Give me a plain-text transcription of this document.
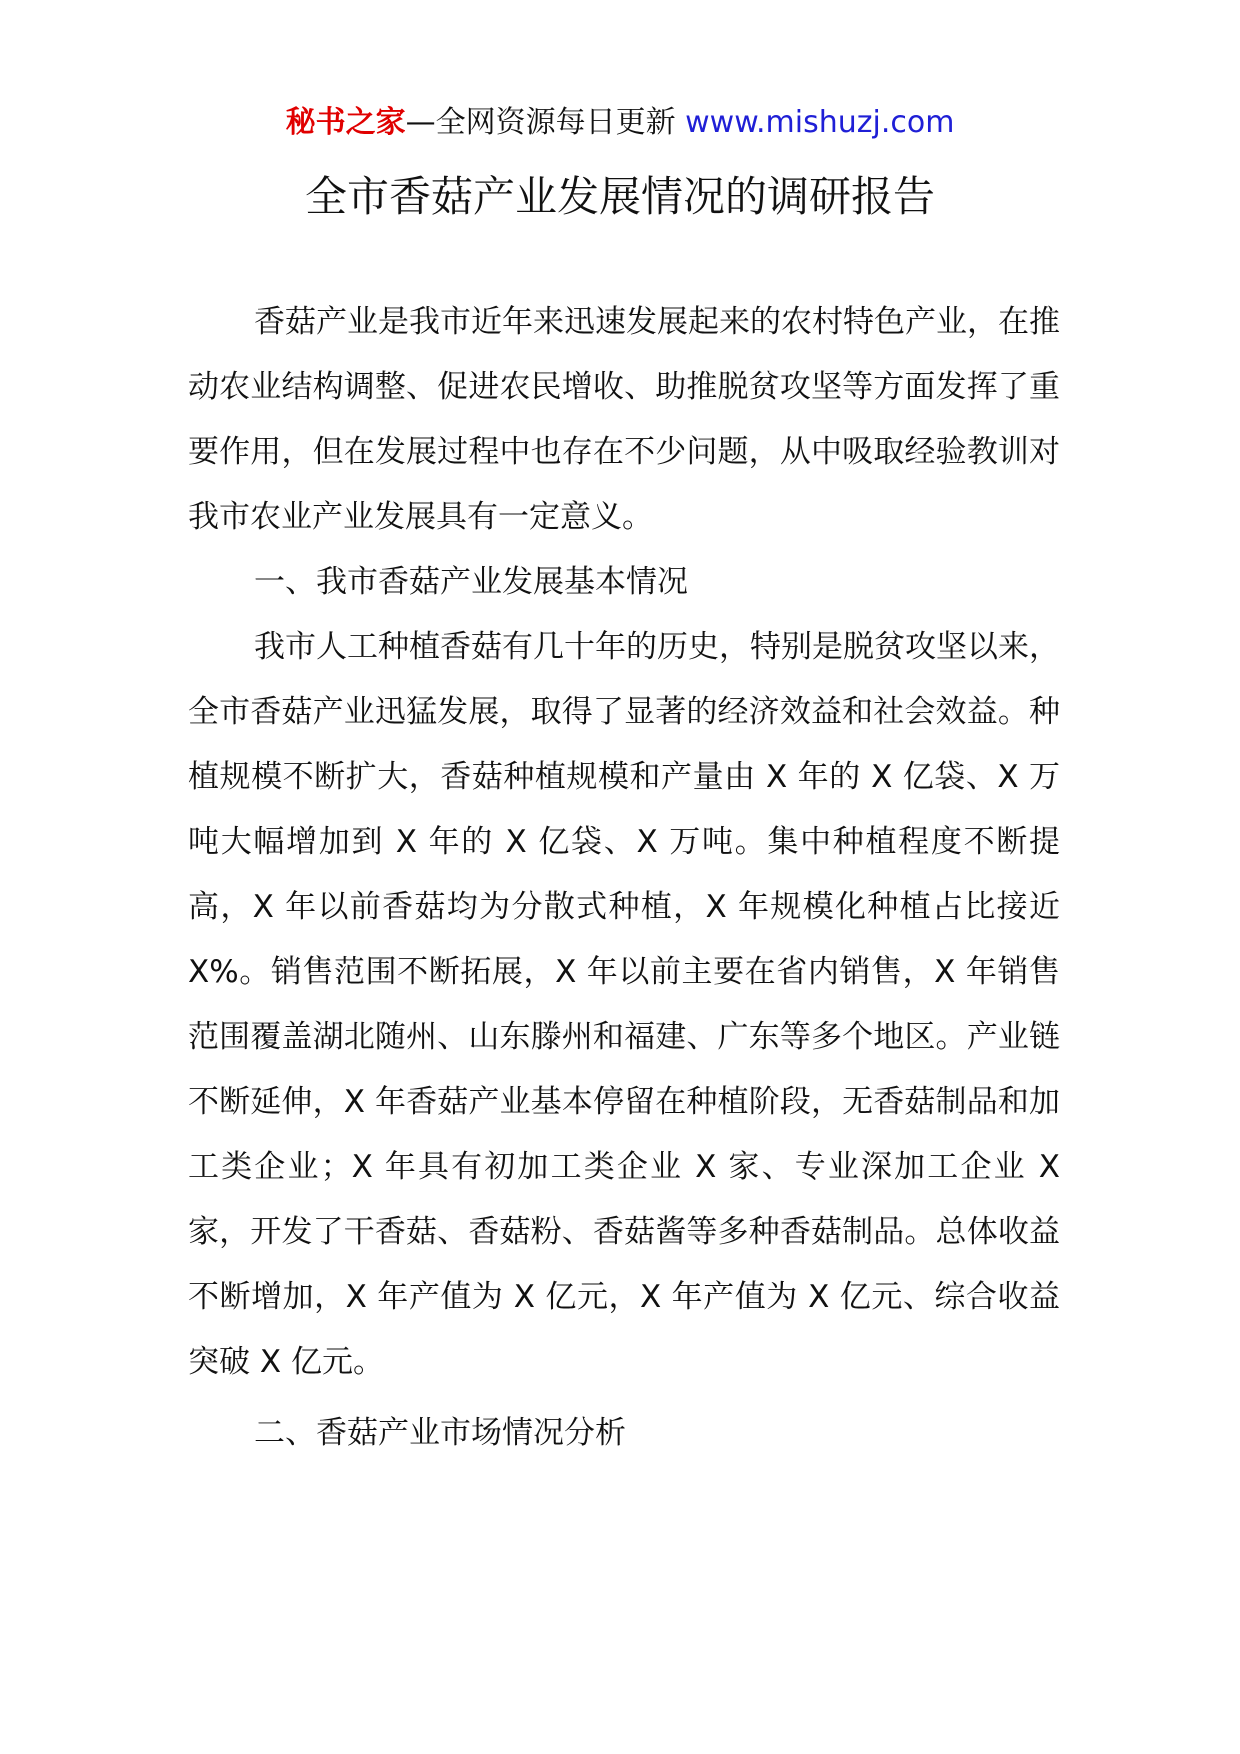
秘书之家—全网资源每日更新 www.mishuzj.com
全市香菇产业发展情况的调研报告

香菇产业是我市近年来迅速发展起来的农村特色产业，在推动农业结构调整、促进农民增收、助推脱贫攻坚等方面发挥了重要作用，但在发展过程中也存在不少问题，从中吸取经验教训对我市农业产业发展具有一定意义。

一、我市香菇产业发展基本情况

我市人工种植香菇有几十年的历史，特别是脱贫攻坚以来，全市香菇产业迅猛发展，取得了显著的经济效益和社会效益。种植规模不断扩大，香菇种植规模和产量由 X 年的 X 亿袋、X 万吨大幅增加到 X 年的 X 亿袋、X 万吨。集中种植程度不断提高，X 年以前香菇均为分散式种植，X 年规模化种植占比接近 X%。销售范围不断拓展，X 年以前主要在省内销售，X 年销售范围覆盖湖北随州、山东滕州和福建、广东等多个地区。产业链不断延伸，X 年香菇产业基本停留在种植阶段，无香菇制品和加工类企业；X 年具有初加工类企业 X 家、专业深加工企业 X 家，开发了干香菇、香菇粉、香菇酱等多种香菇制品。总体收益不断增加，X 年产值为 X 亿元，X 年产值为 X 亿元、综合收益突破 X 亿元。

二、香菇产业市场情况分析
